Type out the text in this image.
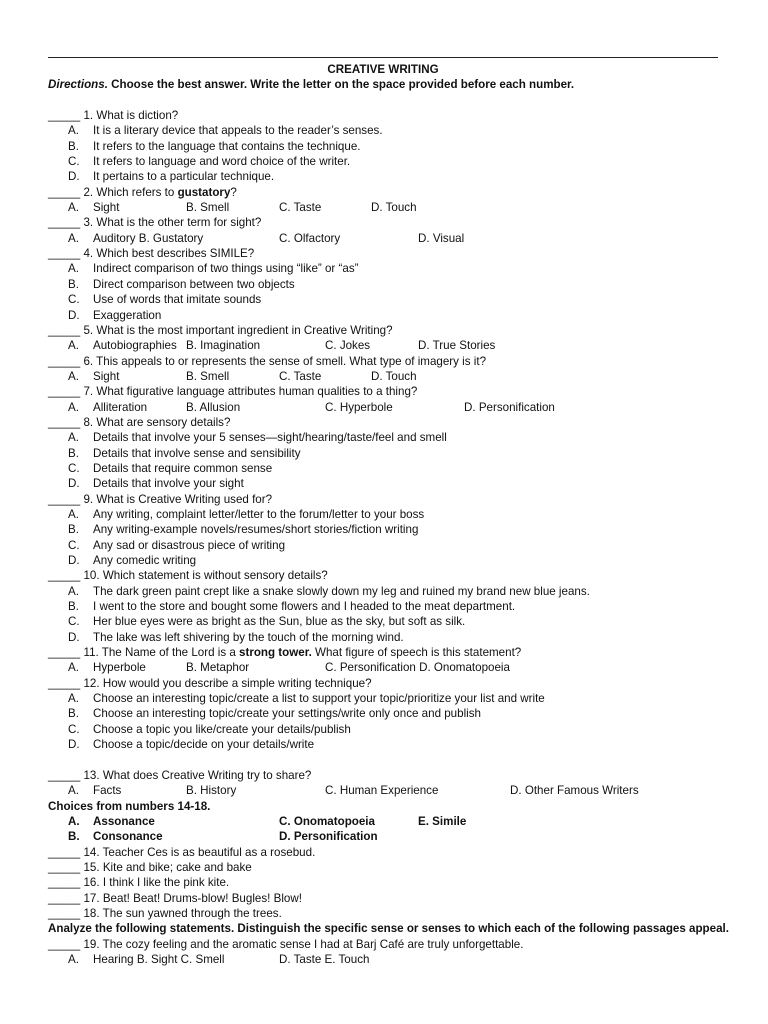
CREATIVE WRITING
Directions. Choose the best answer. Write the letter on the space provided before each number.
_____ 1. What is diction?
A. It is a literary device that appeals to the reader’s senses.
B. It refers to the language that contains the technique.
C. It refers to language and word choice of the writer.
D. It pertains to a particular technique.
_____ 2. Which refers to gustatory?
A. Sight	B. Smell	C. Taste	D. Touch
_____ 3. What is the other term for sight?
A. Auditory B. Gustatory	C. Olfactory	D. Visual
_____ 4. Which best describes SIMILE?
A. Indirect comparison of two things using “like” or “as”
B. Direct comparison between two objects
C. Use of words that imitate sounds
D. Exaggeration
_____ 5. What is the most important ingredient in Creative Writing?
A. Autobiographies B. Imagination	C. Jokes	D. True Stories
_____ 6. This appeals to or represents the sense of smell. What type of imagery is it?
A. Sight	B. Smell	C. Taste	D. Touch
_____ 7. What figurative language attributes human qualities to a thing?
A. Alliteration	B. Allusion	C. Hyperbole	D. Personification
_____ 8. What are sensory details?
A. Details that involve your 5 senses—sight/hearing/taste/feel and smell
B. Details that involve sense and sensibility
C. Details that require common sense
D. Details that involve your sight
_____ 9. What is Creative Writing used for?
A. Any writing, complaint letter/letter to the forum/letter to your boss
B. Any writing-example novels/resumes/short stories/fiction writing
C. Any sad or disastrous piece of writing
D. Any comedic writing
_____ 10. Which statement is without sensory details?
A. The dark green paint crept like a snake slowly down my leg and ruined my brand new blue jeans.
B. I went to the store and bought some flowers and I headed to the meat department.
C. Her blue eyes were as bright as the Sun, blue as the sky, but soft as silk.
D. The lake was left shivering by the touch of the morning wind.
_____ 11. The Name of the Lord is a strong tower. What figure of speech is this statement?
A. Hyperbole	B. Metaphor	C. Personification D. Onomatopoeia
_____ 12. How would you describe a simple writing technique?
A. Choose an interesting topic/create a list to support your topic/prioritize your list and write
B. Choose an interesting topic/create your settings/write only once and publish
C. Choose a topic you like/create your details/publish
D. Choose a topic/decide on your details/write
_____ 13. What does Creative Writing try to share?
A. Facts	B. History	C. Human Experience	D. Other Famous Writers
Choices from numbers 14-18.
A. Assonance	C. Onomatopoeia	E. Simile
B. Consonance	D. Personification
_____ 14. Teacher Ces is as beautiful as a rosebud.
_____ 15. Kite and bike; cake and bake
_____ 16. I think I like the pink kite.
_____ 17. Beat! Beat! Drums-blow! Bugles! Blow!
_____ 18. The sun yawned through the trees.
Analyze the following statements. Distinguish the specific sense or senses to which each of the following passages appeal.
_____ 19. The cozy feeling and the aromatic sense I had at Barj Café are truly unforgettable.
A. Hearing B. Sight C. Smell	D. Taste E. Touch
